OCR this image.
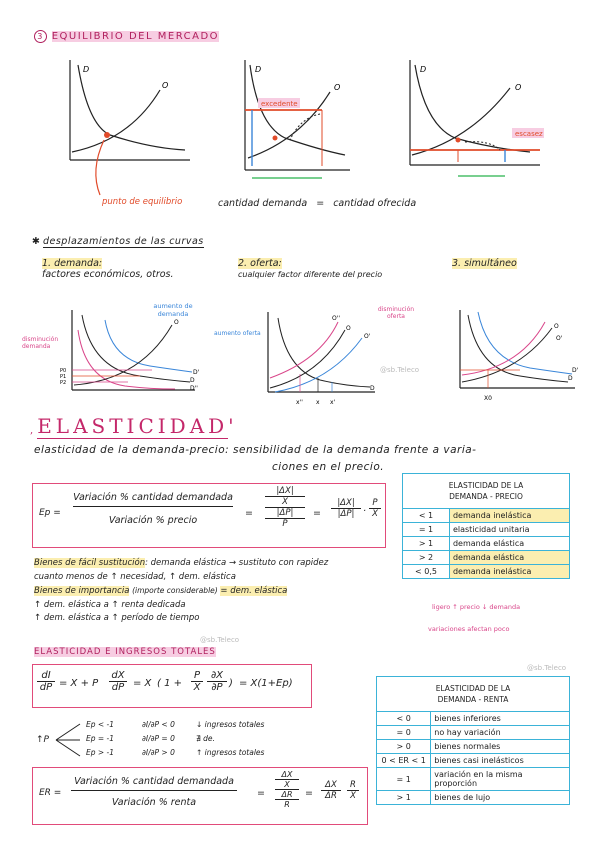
3 EQUILIBRIO DEL MERCADO
D
O
D
O
excedente
D
O
escasez
punto de equilibrio	cantidad demanda = cantidad ofrecida
✱ desplazamientos de las curvas
1. demanda:
factores económicos, otros.
2. oferta:
cualquier factor diferente del precio
3. simultáneo
P0
P1
P2
O
D
D'
D''	D
O
O'
O''
x'' x x'
O
O'
D
D'
X0
aumento de demanda
disminución demanda
aumento oferta
disminución oferta
@sb.Teleco
,ELASTICIDAD'
elasticidad de la demanda-precio: sensibilidad de la demanda frente a varia-
ciones en el precio.
Ep =
Variación % cantidad demandada
Variación % precio
=
|ΔX|
X
|ΔP|
P
= $\frac{|\Delta X|}{|\Delta P|} \cdot \frac{P}{X}$
ELASTICIDAD DE LA DEMANDA - PRECIO
< 1	demanda inelástica
= 1	elasticidad unitaria
> 1	demanda elástica
> 2	demanda elástica
< 0,5	demanda inelástica
ligero ↑ precio ↓ demanda
variaciones afectan poco
Bienes de fácil sustitución: demanda elástica → sustituto con rapidez
cuanto menos de ↑ necesidad, ↑ dem. elástica
Bienes de importancia (importe considerable) = dem. elástica
↑ dem. elástica a ↑ renta dedicada
↑ dem. elástica a ↑ período de tiempo
@sb.Teleco
ELASTICIDAD E INGRESOS TOTALES
$\frac{dI}{dP} = X + P$
dX
dP = X ( 1 +
P
X
∂X
∂P ) = X(1+Ep)
↑P
Ep < -1	∂I/∂P < 0	↓ ingresos totales
Ep = -1	∂I/∂P = 0	∄ de.
Ep > -1	∂I/∂P > 0	↑ ingresos totales
ER =
Variación % cantidad demandada
Variación % renta
=
ΔX
X
ΔR
R
= $\frac{\Delta X}{\Delta R} \frac{R}{X}$
@sb.Teleco
ELASTICIDAD DE LA DEMANDA - RENTA
< 0	bienes inferiores
= 0	no hay variación
> 0	bienes normales
0 < ER < 1	bienes casi inelásticos
= 1	variación en la misma proporción
> 1	bienes de lujo
